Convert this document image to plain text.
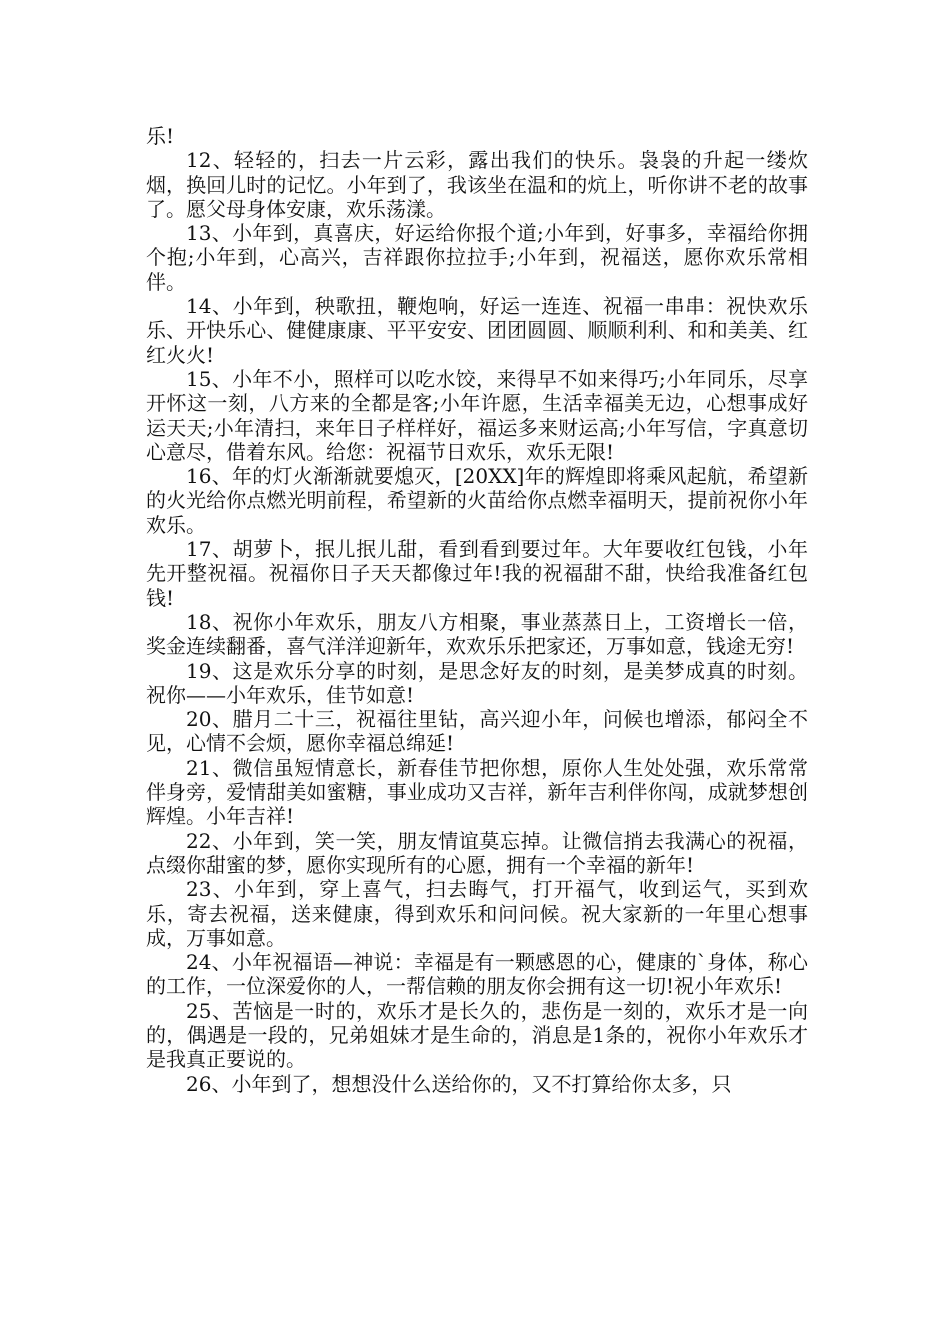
乐!

12、轻轻的，扫去一片云彩，露出我们的快乐。袅袅的升起一缕炊烟，换回儿时的记忆。小年到了，我该坐在温和的炕上，听你讲不老的故事了。愿父母身体安康，欢乐荡漾。

13、小年到，真喜庆，好运给你报个道;小年到，好事多，幸福给你拥个抱;小年到，心高兴，吉祥跟你拉拉手;小年到，祝福送，愿你欢乐常相伴。

14、小年到，秧歌扭，鞭炮响，好运一连连、祝福一串串：祝快欢乐乐、开快乐心、健健康康、平平安安、团团圆圆、顺顺利利、和和美美、红红火火!

15、小年不小，照样可以吃水饺，来得早不如来得巧;小年同乐，尽享开怀这一刻，八方来的全都是客;小年许愿，生活幸福美无边，心想事成好运天天;小年清扫，来年日子样样好，福运多来财运高;小年写信，字真意切心意尽，借着东风。给您：祝福节日欢乐，欢乐无限!

16、年的灯火渐渐就要熄灭，[20XX]年的辉煌即将乘风起航，希望新的火光给你点燃光明前程，希望新的火苗给你点燃幸福明天，提前祝你小年欢乐。

17、胡萝卜，抿儿抿儿甜，看到看到要过年。大年要收红包钱，小年先开整祝福。祝福你日子天天都像过年!我的祝福甜不甜，快给我准备红包钱!

18、祝你小年欢乐，朋友八方相聚，事业蒸蒸日上，工资增长一倍，奖金连续翻番，喜气洋洋迎新年，欢欢乐乐把家还，万事如意，钱途无穷!

19、这是欢乐分享的时刻，是思念好友的时刻，是美梦成真的时刻。祝你——小年欢乐，佳节如意!

20、腊月二十三，祝福往里钻，高兴迎小年，问候也增添，郁闷全不见，心情不会烦，愿你幸福总绵延!

21、微信虽短情意长，新春佳节把你想，原你人生处处强，欢乐常常伴身旁，爱情甜美如蜜糖，事业成功又吉祥，新年吉利伴你闯，成就梦想创辉煌。小年吉祥!

22、小年到，笑一笑，朋友情谊莫忘掉。让微信捎去我满心的祝福，点缀你甜蜜的梦，愿你实现所有的心愿，拥有一个幸福的新年!

23、小年到，穿上喜气，扫去晦气，打开福气，收到运气，买到欢乐，寄去祝福，送来健康，得到欢乐和问问候。祝大家新的一年里心想事成，万事如意。

24、小年祝福语—神说：幸福是有一颗感恩的心，健康的`身体，称心的工作，一位深爱你的人，一帮信赖的朋友你会拥有这一切!祝小年欢乐!

25、苦恼是一时的，欢乐才是长久的，悲伤是一刻的，欢乐才是一向的，偶遇是一段的，兄弟姐妹才是生命的，消息是1条的，祝你小年欢乐才是我真正要说的。

26、小年到了，想想没什么送给你的，又不打算给你太多，只
